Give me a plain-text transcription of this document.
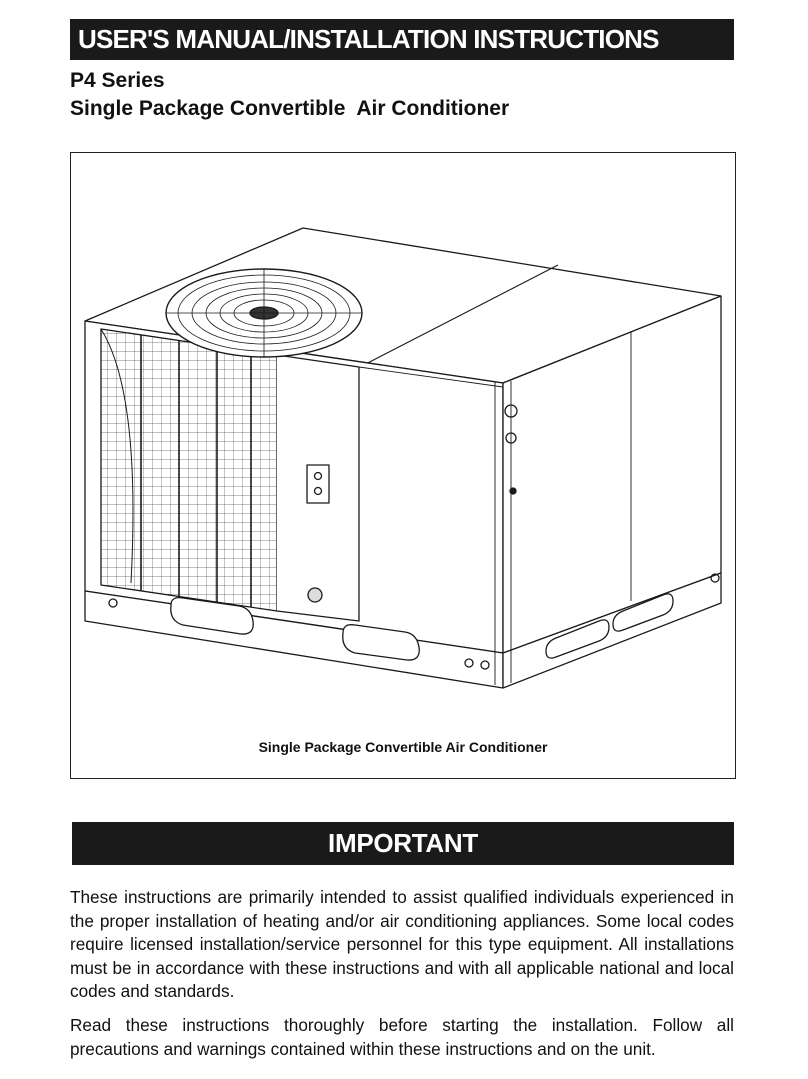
USER'S MANUAL/INSTALLATION INSTRUCTIONS
P4 Series
Single Package Convertible  Air Conditioner
Single Package Convertible Air Conditioner
IMPORTANT
These instructions are primarily intended to assist qualified individuals experienced in the proper installation of heating and/or air conditioning appliances. Some local codes require licensed installation/service personnel for this type equipment. All installations must be in accordance with these instructions and with all applicable national and local codes and standards.
Read these instructions thoroughly before starting the installation. Follow all precautions and warnings contained within these instructions and on the unit.
